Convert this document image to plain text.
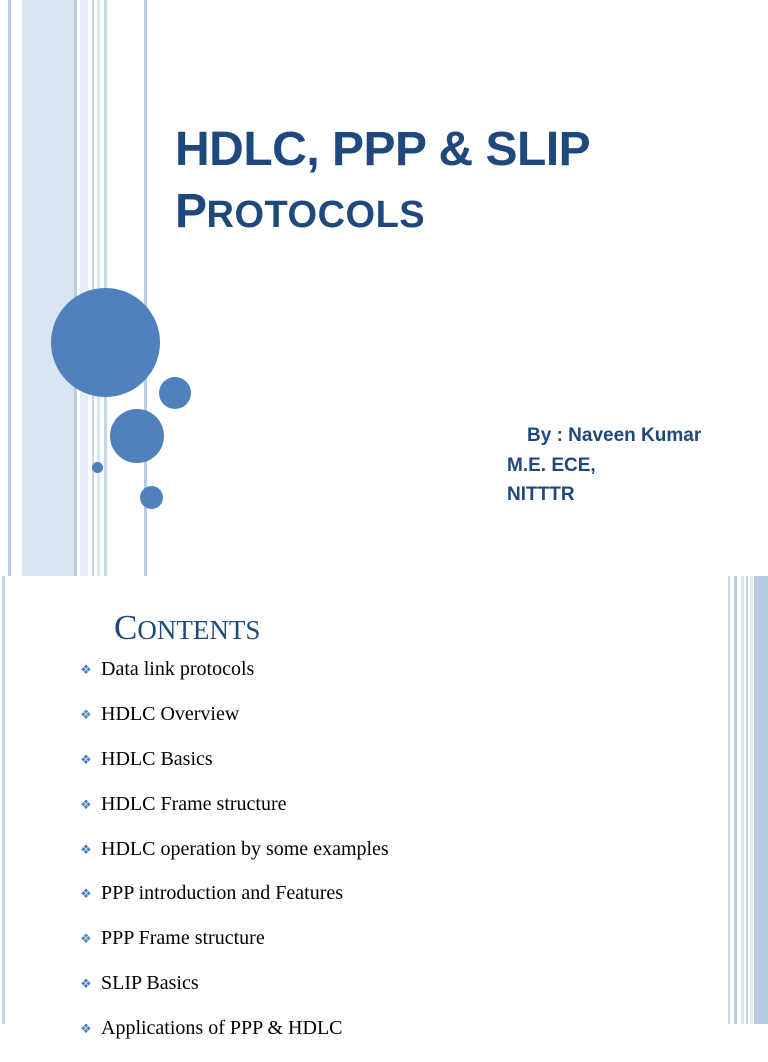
HDLC, PPP & SLIP
PROTOCOLS

By : Naveen Kumar

M.E. ECE,

NITTTR

CONTENTS
❖ Data link protocols
❖ HDLC Overview
❖ HDLC Basics
❖ HDLC Frame structure
❖ HDLC operation by some examples
❖ PPP introduction and Features
❖ PPP Frame structure
❖ SLIP Basics
❖ Applications of PPP & HDLC
